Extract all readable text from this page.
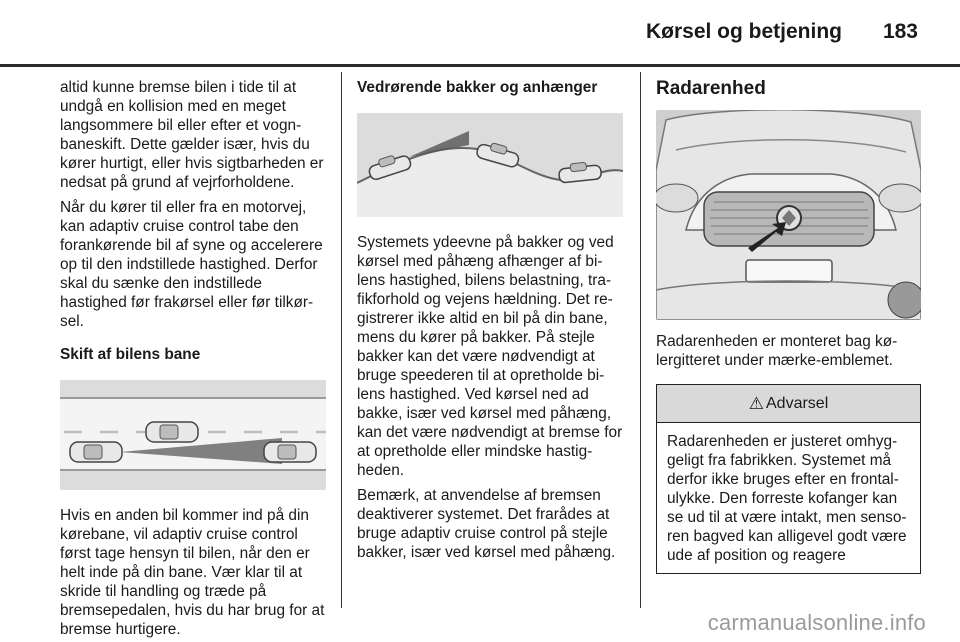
Kørsel og betjening 183

altid kunne bremse bilen i tide til at undgå en kollision med en meget langsommere bil eller efter et vognbaneskift. Dette gælder især, hvis du kører hurtigt, eller hvis sigtbarheden er nedsat på grund af vejrforholdene.

Når du kører til eller fra en motorvej, kan adaptiv cruise control tabe den forankørende bil af syne og accelerere op til den indstillede hastighed. Derfor skal du sænke den indstillede hastighed før frakørsel eller før tilkørsel.

Skift af bilens bane

Hvis en anden bil kommer ind på din kørebane, vil adaptiv cruise control først tage hensyn til bilen, når den er helt inde på din bane. Vær klar til at skride til handling og træde på bremsepedalen, hvis du har brug for at bremse hurtigere.

Vedrørende bakker og anhænger

Systemets ydeevne på bakker og ved kørsel med påhæng afhænger af bilens hastighed, bilens belastning, trafikforhold og vejens hældning. Det registrerer ikke altid en bil på din bane, mens du kører på bakker. På stejle bakker kan det være nødvendigt at bruge speederen til at opretholde bilens hastighed. Ved kørsel ned ad bakke, især ved kørsel med påhæng, kan det være nødvendigt at bremse for at opretholde eller mindske hastigheden.

Bemærk, at anvendelse af bremsen deaktiverer systemet. Det frarådes at bruge adaptiv cruise control på stejle bakker, især ved kørsel med påhæng.

Radarenhed

Radarenheden er monteret bag kølergitteret under mærke-emblemet.

⚠ Advarsel
Radarenheden er justeret omhyggeligt fra fabrikken. Systemet må derfor ikke bruges efter en frontalulykke. Den forreste kofanger kan se ud til at være intakt, men sensoren bagved kan alligevel godt være ude af position og reagere
carmanualsonline.info
